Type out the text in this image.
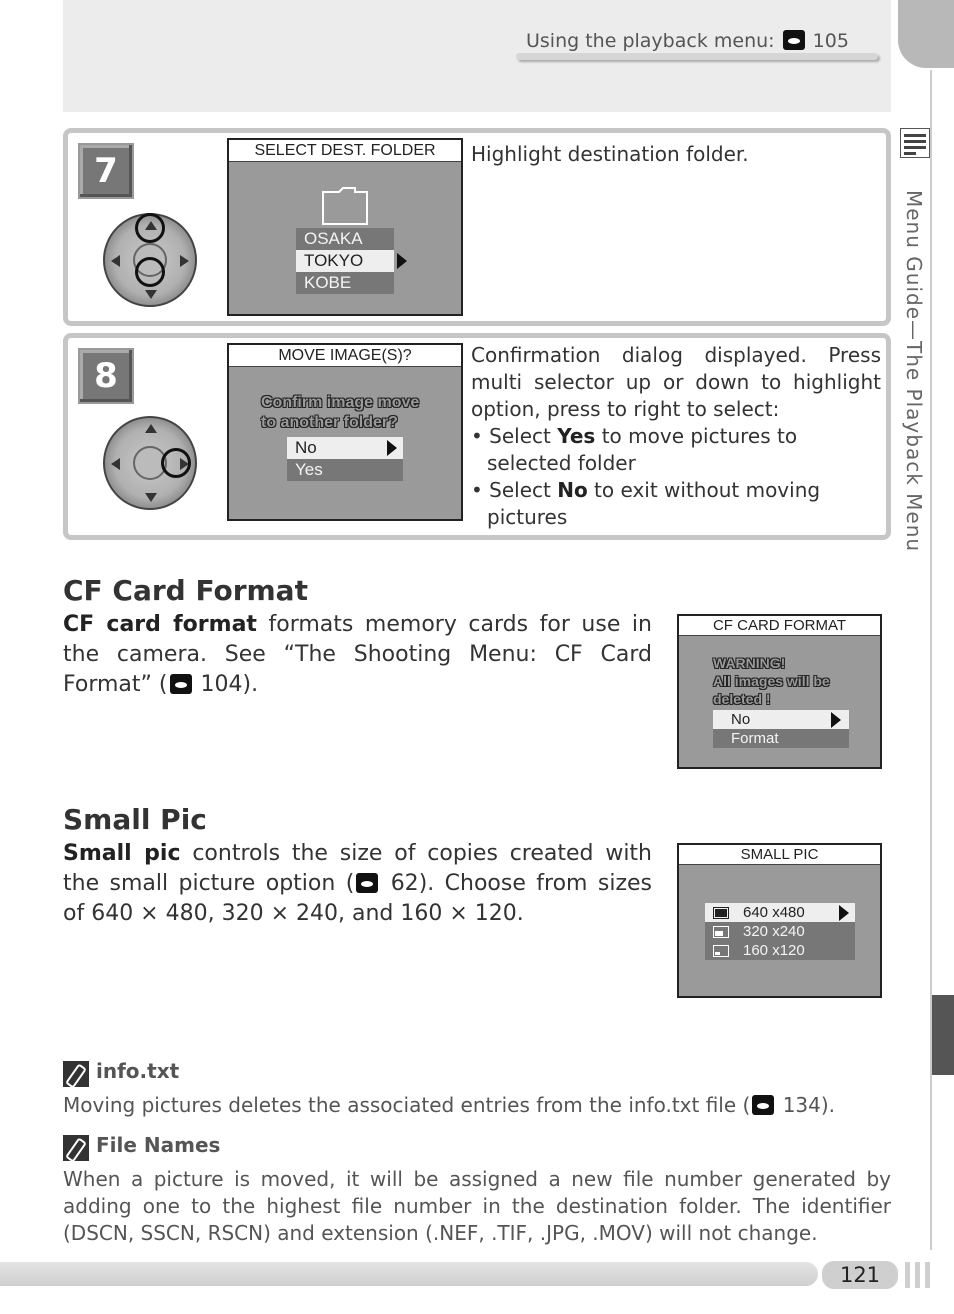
Using the playback menu: 105
Menu Guide—The Playback Menu
7
SELECT DEST. FOLDER
OSAKA
TOKYO
KOBE
Highlight destination folder.
8
MOVE IMAGE(S)?
Confirm image move
to another folder?
No
Yes
Confirmation dialog displayed. Press multi selector up or down to highlight option, press to right to select:
• Select Yes to move pictures to selected folder
• Select No to exit without moving pictures
CF Card Format
CF card format formats memory cards for use in the camera. See “The Shooting Menu: CF Card Format” ( 104).
CF CARD FORMAT
WARNING!
All images will be
deleted !
No
Format
Small Pic
Small pic controls the size of copies created with the small picture option ( 62). Choose from sizes of 640 × 480, 320 × 240, and 160 × 120.
SMALL PIC
640 x480
320 x240
160 x120
info.txt
Moving pictures deletes the associated entries from the info.txt file ( 134).
File Names
When a picture is moved, it will be assigned a new file number generated by adding one to the highest file number in the destination folder. The identifier (DSCN, SSCN, RSCN) and extension (.NEF, .TIF, .JPG, .MOV) will not change.
121
